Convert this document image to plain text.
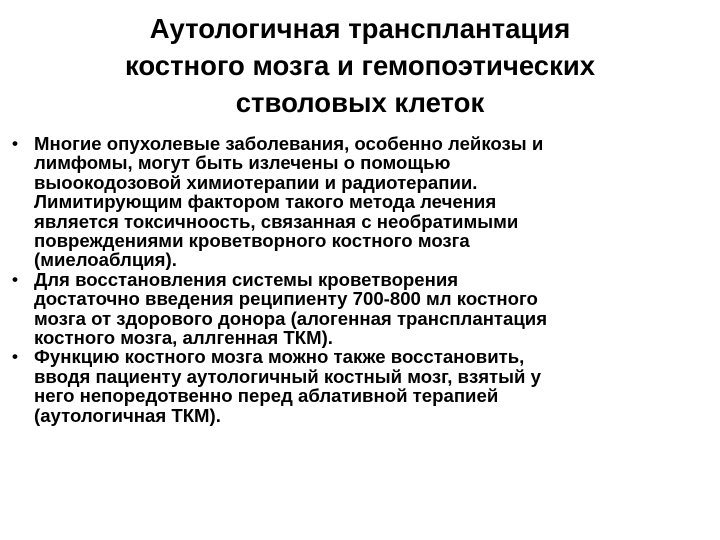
Аутологичная трансплантация
костного мозга и гемопоэтических
стволовых клеток
• Многие опухолевые заболевания, особенно лейкозы и
лимфомы, могут быть излечены о помощью
выоокодозовой химиотерапии и радиотерапии.
Лимитирующим фактором такого метода лечения
является токсичноость, связанная с необратимыми
повреждениями кроветворного костного мозга
(миелоаблция).
• Для восстановления системы кроветворения
достаточно введения реципиенту 700-800 мл костного
мозга от здорового донора (алогенная трансплантация
костного мозга, аллгенная ТКМ).
• Функцию костного мозга можно также восстановить,
вводя пациенту аутологичный костный мозг, взятый у
него непоредотвенно перед аблативной терапией
(аутологичная ТКМ).
